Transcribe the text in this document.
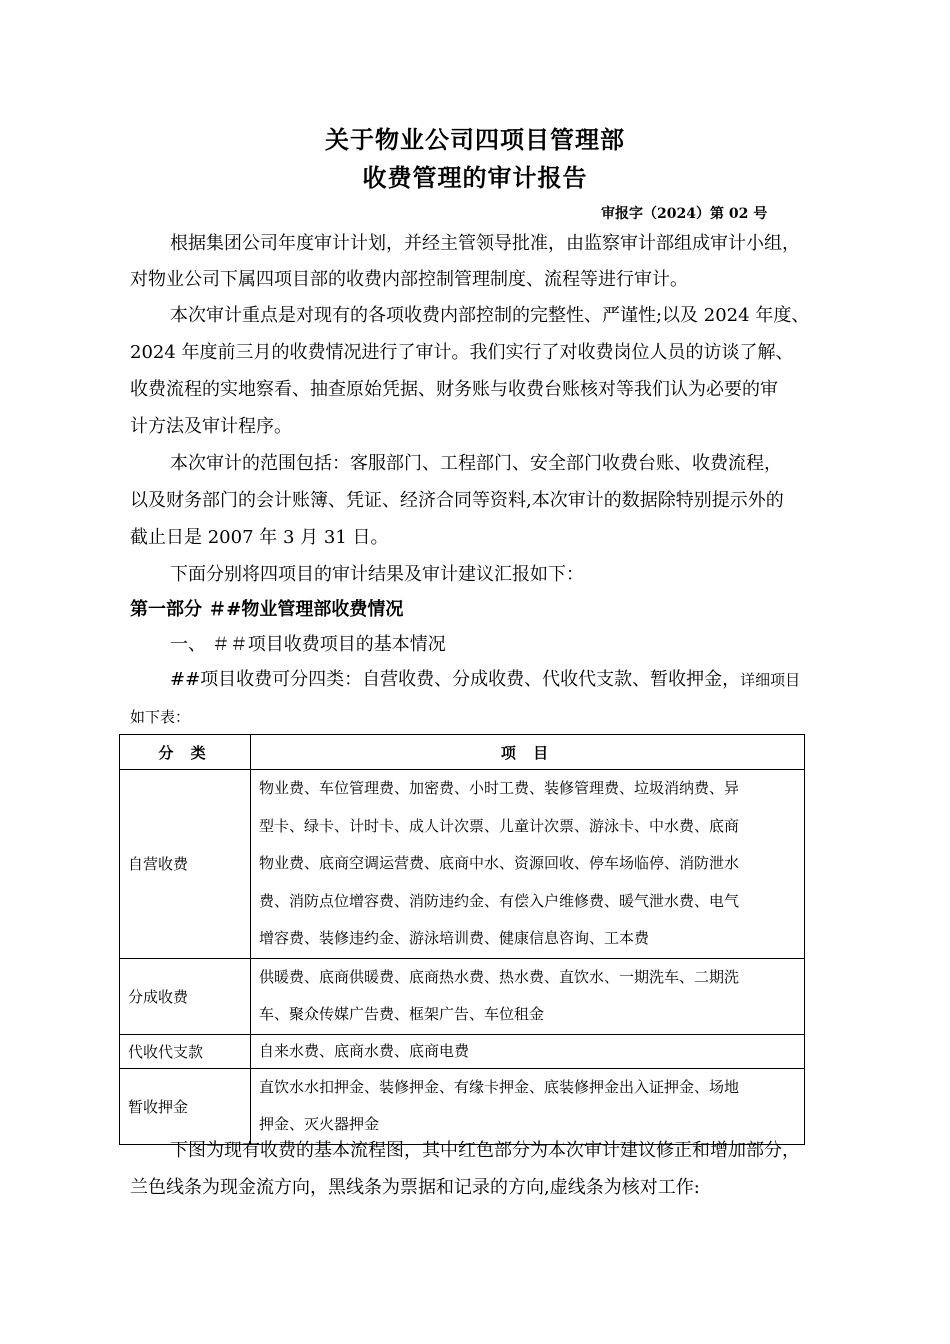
关于物业公司四项目管理部
收费管理的审计报告
审报字（2024）第 02 号
根据集团公司年度审计计划，并经主管领导批准，由监察审计部组成审计小组，
对物业公司下属四项目部的收费内部控制管理制度、流程等进行审计。
本次审计重点是对现有的各项收费内部控制的完整性、严谨性;以及 2024 年度、
2024 年度前三月的收费情况进行了审计。我们实行了对收费岗位人员的访谈了解、
收费流程的实地察看、抽查原始凭据、财务账与收费台账核对等我们认为必要的审
计方法及审计程序。
本次审计的范围包括：客服部门、工程部门、安全部门收费台账、收费流程，
以及财务部门的会计账簿、凭证、经济合同等资料,本次审计的数据除特别提示外的
截止日是 2007 年 3 月 31 日。
下面分别将四项目的审计结果及审计建议汇报如下：
第一部分 ＃#物业管理部收费情况
一、 ＃＃项目收费项目的基本情况
##项目收费可分四类：自营收费、分成收费、代收代支款、暂收押金，详细项目
如下表：
分 类	项 目
自营收费	物业费、车位管理费、加密费、小时工费、装修管理费、垃圾消纳费、异
型卡、绿卡、计时卡、成人计次票、儿童计次票、游泳卡、中水费、底商
物业费、底商空调运营费、底商中水、资源回收、停车场临停、消防泄水
费、消防点位增容费、消防违约金、有偿入户维修费、暖气泄水费、电气
增容费、装修违约金、游泳培训费、健康信息咨询、工本费

分成收费	供暖费、底商供暖费、底商热水费、热水费、直饮水、一期洗车、二期洗
车、聚众传媒广告费、框架广告、车位租金

代收代支款	自来水费、底商水费、底商电费

暂收押金	直饮水水扣押金、装修押金、有缘卡押金、底装修押金出入证押金、场地
押金、灭火器押金
下图为现有收费的基本流程图，其中红色部分为本次审计建议修正和增加部分，
兰色线条为现金流方向，黑线条为票据和记录的方向,虚线条为核对工作:
